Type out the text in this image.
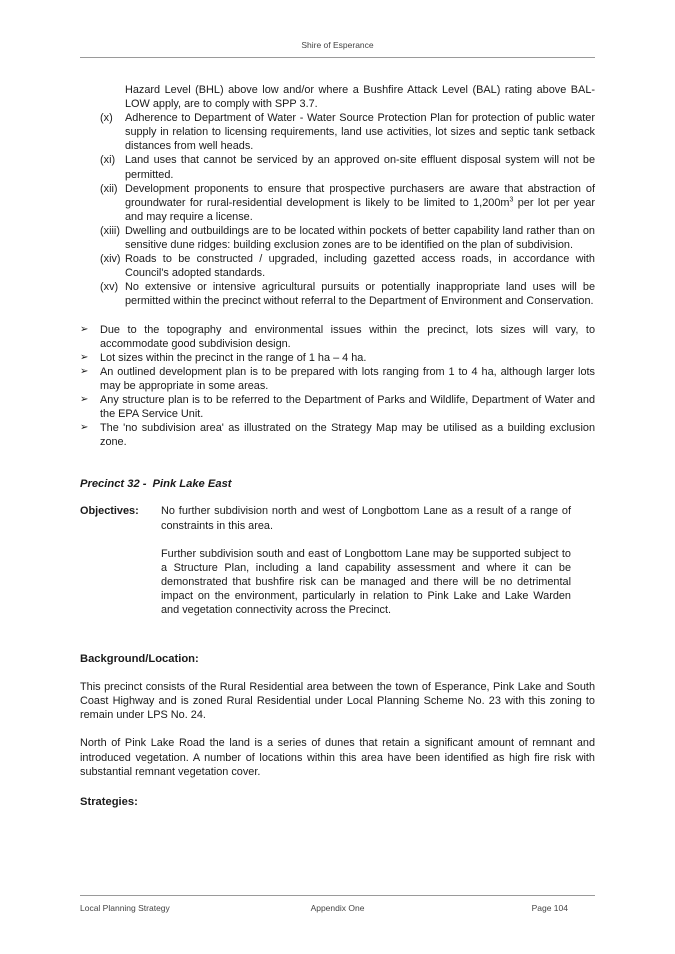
Shire of Esperance
Hazard Level (BHL) above low and/or where a Bushfire Attack Level (BAL) rating above BAL-LOW apply, are to comply with SPP 3.7.
(x)	Adherence to Department of Water - Water Source Protection Plan for protection of public water supply in relation to licensing requirements, land use activities, lot sizes and septic tank setback distances from well heads.
(xi) Land uses that cannot be serviced by an approved on-site effluent disposal system will not be permitted.
(xii) Development proponents to ensure that prospective purchasers are aware that abstraction of groundwater for rural-residential development is likely to be limited to $1,200m^3$ per lot per year and may require a license.
(xiii) Dwelling and outbuildings are to be located within pockets of better capability land rather than on sensitive dune ridges: building exclusion zones are to be identified on the plan of subdivision.
(xiv) Roads to be constructed / upgraded, including gazetted access roads, in accordance with Council's adopted standards.
(xv) No extensive or intensive agricultural pursuits or potentially inappropriate land uses will be permitted within the precinct without referral to the Department of Environment and Conservation.
➢	Due to the topography and environmental issues within the precinct, lots sizes will vary, to accommodate good subdivision design.
➢	Lot sizes within the precinct in the range of 1 ha – 4 ha.
➢	An outlined development plan is to be prepared with lots ranging from 1 to 4 ha, although larger lots may be appropriate in some areas.
➢	Any structure plan is to be referred to the Department of Parks and Wildlife, Department of Water and the EPA Service Unit.
➢	The 'no subdivision area' as illustrated on the Strategy Map may be utilised as a building exclusion zone.
Precinct 32 - Pink Lake East
Objectives:	No further subdivision north and west of Longbottom Lane as a result of a range of constraints in this area.

Further subdivision south and east of Longbottom Lane may be supported subject to a Structure Plan, including a land capability assessment and where it can be demonstrated that bushfire risk can be managed and there will be no detrimental impact on the environment, particularly in relation to Pink Lake and Lake Warden and vegetation connectivity across the Precinct.

Background/Location:

This precinct consists of the Rural Residential area between the town of Esperance, Pink Lake and South Coast Highway and is zoned Rural Residential under Local Planning Scheme No. 23 with this zoning to remain under LPS No. 24.

North of Pink Lake Road the land is a series of dunes that retain a significant amount of remnant and introduced vegetation. A number of locations within this area have been identified as high fire risk with substantial remnant vegetation cover.

Strategies:
Local Planning Strategy	Appendix One	Page 104
